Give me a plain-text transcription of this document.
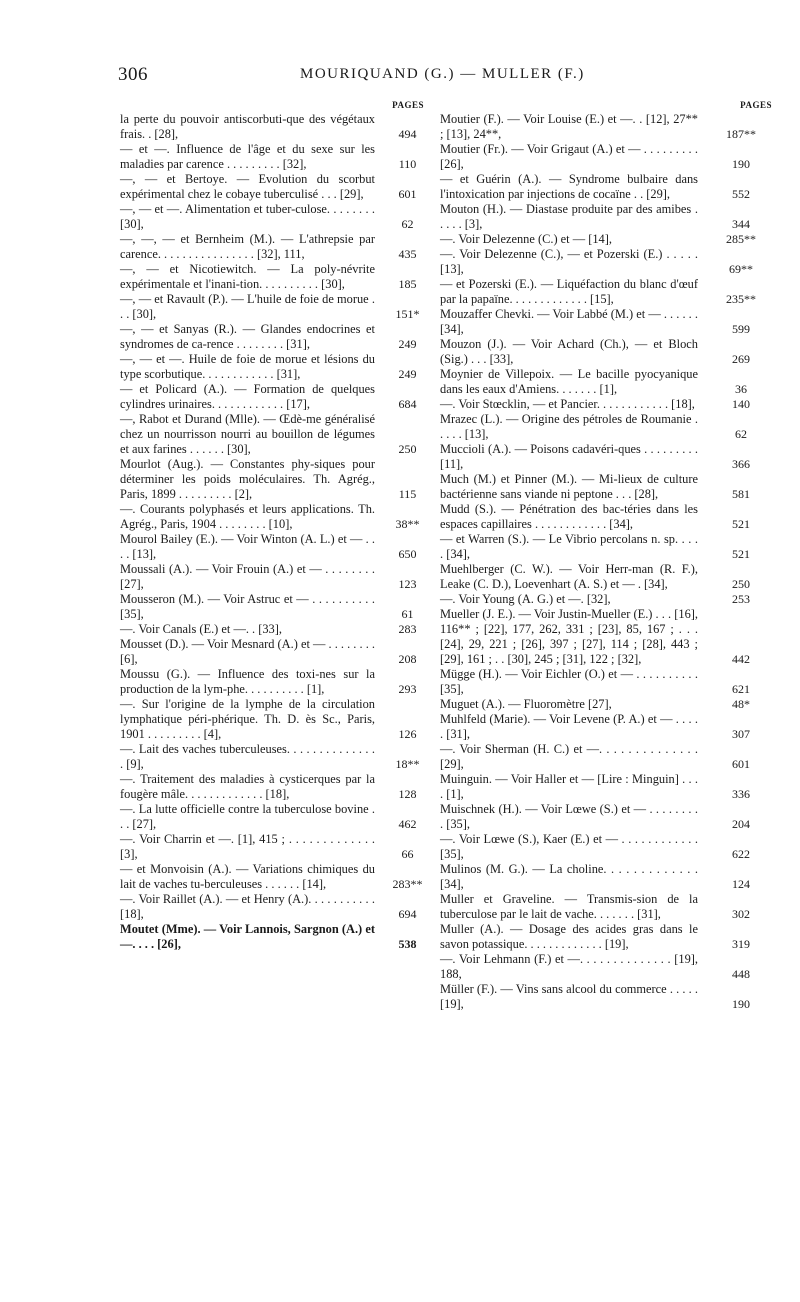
306	MOURIQUAND (G.) — MULLER (F.)
PAGES
la perte du pouvoir antiscorbuti-que des végétaux frais. . [28],	494
— et —. Influence de l'âge et du sexe sur les maladies par carence . . . . . . . . . [32],	110
—, — et Bertoye. — Evolution du scorbut expérimental chez le cobaye tuberculisé . . . [29],	601
—, — et —. Alimentation et tuber-culose. . . . . . . . [30],	62
—, —, — et Bernheim (M.). — L'athrepsie par carence. . . . . . . . . . . . . . . . [32], 111,	435
—, — et Nicotiewitch. — La poly-névrite expérimentale et l'inani-tion. . . . . . . . . . [30],	185
—, — et Ravault (P.). — L'huile de foie de morue . . . [30],	151*
—, — et Sanyas (R.). — Glandes endocrines et syndromes de ca-rence . . . . . . . . [31],	249
—, — et —. Huile de foie de morue et lésions du type scorbutique. . . . . . . . . . . . [31],	249
— et Policard (A.). — Formation de quelques cylindres urinaires. . . . . . . . . . . . [17],	684
—, Rabot et Durand (Mlle). — Œdè-me généralisé chez un nourrisson nourri au bouillon de légumes et aux farines . . . . . . [30],	250
Mourlot (Aug.). — Constantes phy-siques pour déterminer les poids moléculaires. Th. Agrég., Paris, 1899 . . . . . . . . . [2],	115
—. Courants polyphasés et leurs applications. Th. Agrég., Paris, 1904 . . . . . . . . [10],	38**
Mourol Bailey (E.). — Voir Winton (A. L.) et — . . . . [13],	650
Moussali (A.). — Voir Frouin (A.) et — . . . . . . . . [27],	123
Mousseron (M.). — Voir Astruc et — . . . . . . . . . . [35],	61
—. Voir Canals (E.) et —. . [33],	283
Mousset (D.). — Voir Mesnard (A.) et — . . . . . . . . [6],	208
Moussu (G.). — Influence des toxi-nes sur la production de la lym-phe. . . . . . . . . . [1],	293
—. Sur l'origine de la lymphe de la circulation lymphatique péri-phérique. Th. D. ès Sc., Paris, 1901 . . . . . . . . . [4],	126
—. Lait des vaches tuberculeuses. . . . . . . . . . . . . . . [9],	18**
—. Traitement des maladies à cysticerques par la fougère mâle. . . . . . . . . . . . . [18],	128
—. La lutte officielle contre la tuberculose bovine . . . [27],	462
—. Voir Charrin et —. [1], 415 ; . . . . . . . . . . . . . [3],	66
— et Monvoisin (A.). — Variations chimiques du lait de vaches tu-berculeuses . . . . . . [14],	283**
—. Voir Raillet (A.). — et Henry (A.). . . . . . . . . . . [18],	694
Moutet (Mme). — Voir Lannois, Sargnon (A.) et —. . . . [26],	538
PAGES
Moutier (F.). — Voir Louise (E.) et —. . [12], 27** ; [13], 24**,	187**
Moutier (Fr.). — Voir Grigaut (A.) et — . . . . . . . . . [26],	190
— et Guérin (A.). — Syndrome bulbaire dans l'intoxication par injections de cocaïne . . [29],	552
Mouton (H.). — Diastase produite par des amibes . . . . . [3],	344
—. Voir Delezenne (C.) et — [14],	285**
—. Voir Delezenne (C.), — et Pozerski (E.) . . . . . [13],	69**
— et Pozerski (E.). — Liquéfaction du blanc d'œuf par la papaïne. . . . . . . . . . . . . [15],	235**
Mouzaffer Chevki. — Voir Labbé (M.) et — . . . . . . [34],	599
Mouzon (J.). — Voir Achard (Ch.), — et Bloch (Sig.) . . . [33],	269
Moynier de Villepoix. — Le bacille pyocyanique dans les eaux d'Amiens. . . . . . . [1],	36
—. Voir Stœcklin, — et Pancier. . . . . . . . . . . . [18],	140
Mrazec (L.). — Origine des pétroles de Roumanie . . . . . [13],	62
Muccioli (A.). — Poisons cadavéri-ques . . . . . . . . . [11],	366
Much (M.) et Pinner (M.). — Mi-lieux de culture bactérienne sans viande ni peptone . . . [28],	581
Mudd (S.). — Pénétration des bac-téries dans les espaces capillaires . . . . . . . . . . . . [34],	521
— et Warren (S.). — Le Vibrio percolans n. sp. . . . . [34],	521
Muehlberger (C. W.). — Voir Herr-man (R. F.), Leake (C. D.), Loevenhart (A. S.) et — . [34],	250
—. Voir Young (A. G.) et —. [32],	253
Mueller (J. E.). — Voir Justin-Mueller (E.) . . . [16], 116** ; [22], 177, 262, 331 ; [23], 85, 167 ; . . . [24], 29, 221 ; [26], 397 ; [27], 114 ; [28], 443 ; [29], 161 ; . . [30], 245 ; [31], 122 ; [32],	442
Mügge (H.). — Voir Eichler (O.) et — . . . . . . . . . . [35],	621
Muguet (A.). — Fluoromètre [27],	48*
Muhlfeld (Marie). — Voir Levene (P. A.) et — . . . . . [31],	307
—. Voir Sherman (H. C.) et —. . . . . . . . . . . . . . [29],	601
Muinguin. — Voir Haller et — [Lire : Minguin] . . . . [1],	336
Muischnek (H.). — Voir Lœwe (S.) et — . . . . . . . . . [35],	204
—. Voir Lœwe (S.), Kaer (E.) et — . . . . . . . . . . . . [35],	622
Mulinos (M. G.). — La choline. . . . . . . . . . . . . [34],	124
Muller et Graveline. — Transmis-sion de la tuberculose par le lait de vache. . . . . . . [31],	302
Muller (A.). — Dosage des acides gras dans le savon potassique. . . . . . . . . . . . . [19],	319
—. Voir Lehmann (F.) et —. . . . . . . . . . . . . . [19], 188,	448
Müller (F.). — Vins sans alcool du commerce . . . . . [19],	190
